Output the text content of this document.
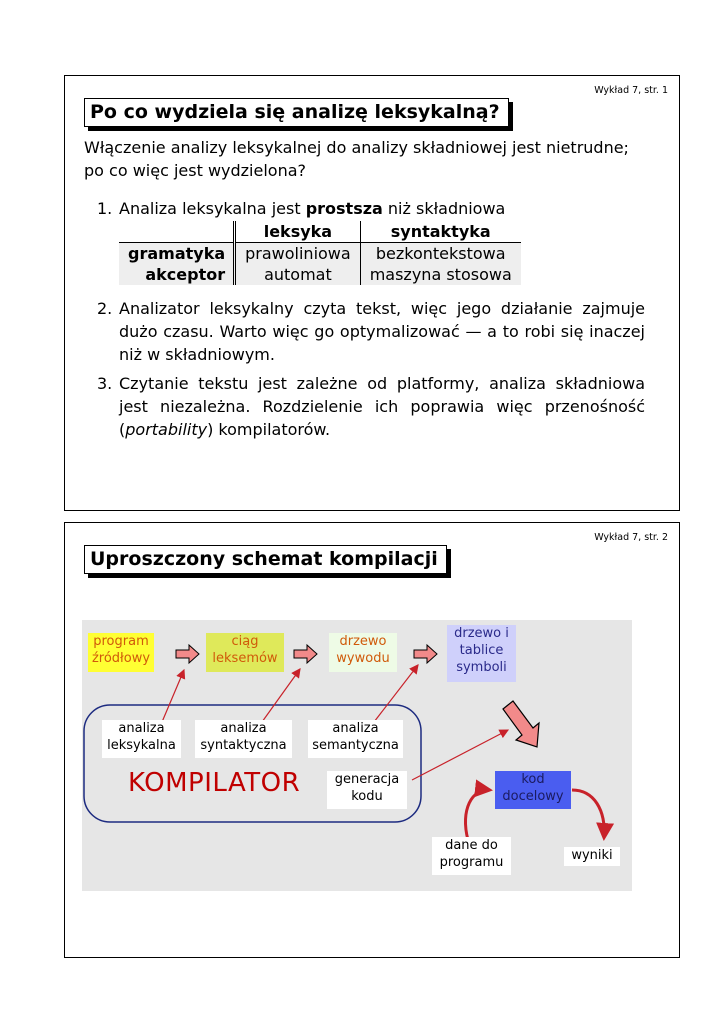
Wykład 7, str. 1
Po co wydziela się analizę leksykalną?
Włączenie analizy leksykalnej do analizy składniowej jest nietrudne; po co więc jest wydzielona?
1. Analiza leksykalna jest prostsza niż składniowa
	leksyka	syntaktyka
gramatyka	prawoliniowa	bezkontekstowa
akceptor	automat	maszyna stosowa
2. Analizator leksykalny czyta tekst, więc jego działanie zajmuje dużo czasu. Warto więc go optymalizować — a to robi się inaczej niż w składniowym.
3. Czytanie tekstu jest zależne od platformy, analiza składniowa jest niezależna. Rozdzielenie ich poprawia więc przenośność (portability) kompilatorów.
Wykład 7, str. 2
Uproszczony schemat kompilacji
program
źródłowy
ciąg
leksemów
drzewo
wywodu
drzewo i
tablice
symboli
analiza
leksykalna
analiza
syntaktyczna
analiza
semantyczna
generacja
kodu
KOMPILATOR	kod
docelowy
dane do
programu	wyniki
